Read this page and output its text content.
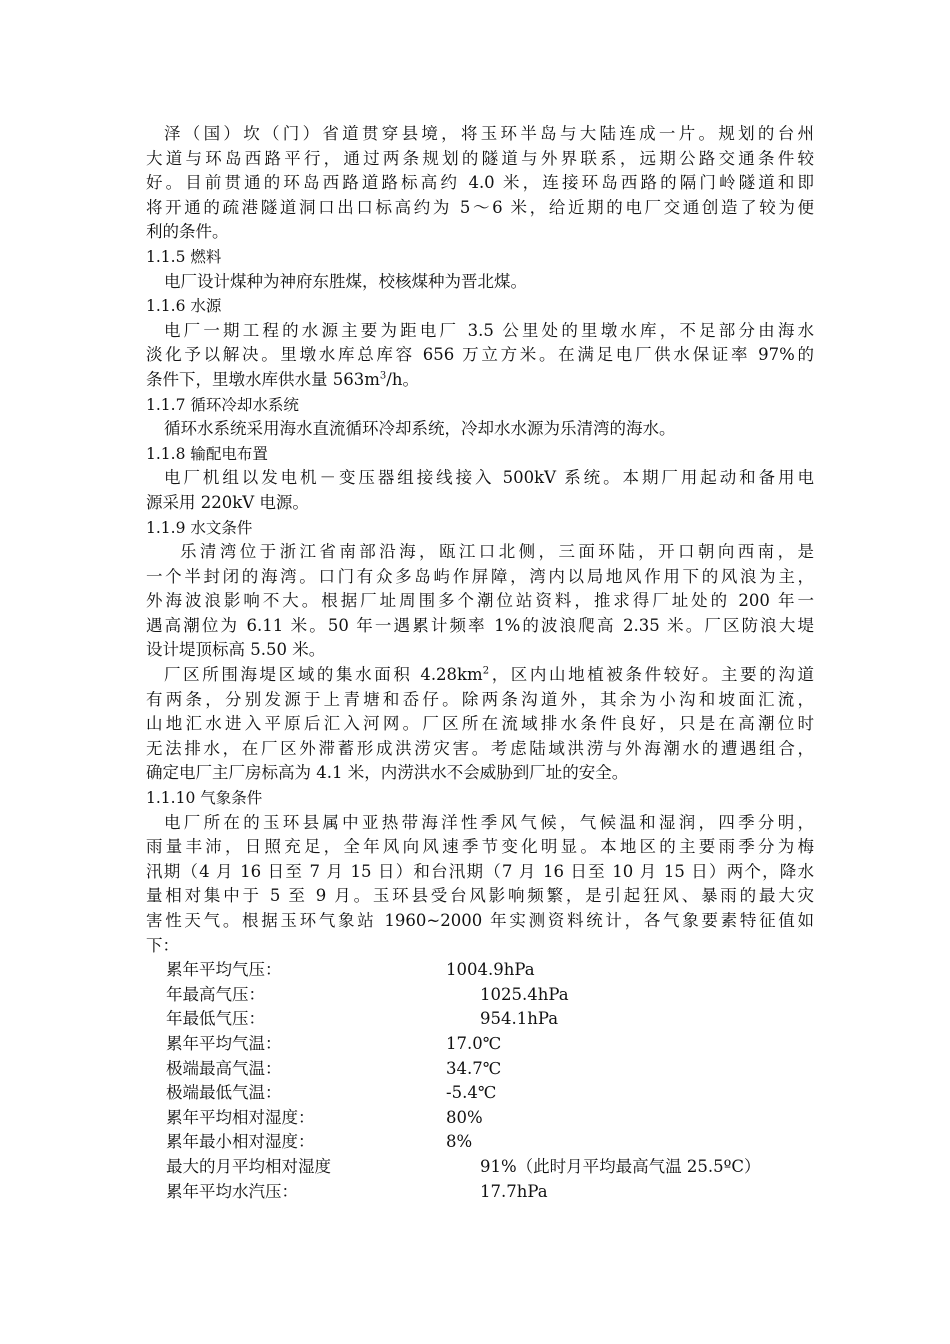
泽（国）坎（门）省道贯穿县境，将玉环半岛与大陆连成一片。规划的台州
大道与环岛西路平行，通过两条规划的隧道与外界联系，远期公路交通条件较
好。目前贯通的环岛西路道路标高约 4.0 米，连接环岛西路的隔门岭隧道和即
将开通的疏港隧道洞口出口标高约为 5～6 米，给近期的电厂交通创造了较为便
利的条件。
1.1.5 燃料
电厂设计煤种为神府东胜煤，校核煤种为晋北煤。
1.1.6 水源
电厂一期工程的水源主要为距电厂 3.5 公里处的里墩水库，不足部分由海水
淡化予以解决。里墩水库总库容 656 万立方米。在满足电厂供水保证率 97%的
条件下，里墩水库供水量 $563m^3/h$。
1.1.7 循环冷却水系统
循环水系统采用海水直流循环冷却系统，冷却水水源为乐清湾的海水。
1.1.8 输配电布置
电厂机组以发电机－变压器组接线接入 500kV 系统。本期厂用起动和备用电
源采用 220kV 电源。
1.1.9 水文条件
乐清湾位于浙江省南部沿海，瓯江口北侧，三面环陆，开口朝向西南，是
一个半封闭的海湾。口门有众多岛屿作屏障，湾内以局地风作用下的风浪为主，
外海波浪影响不大。根据厂址周围多个潮位站资料，推求得厂址处的 200 年一
遇高潮位为 6.11 米。50 年一遇累计频率 1%的波浪爬高 2.35 米。厂区防浪大堤
设计堤顶标高 5.50 米。
厂区所围海堤区域的集水面积 $4.28km^2$，区内山地植被条件较好。主要的沟道
有两条，分别发源于上青塘和岙仔。除两条沟道外，其余为小沟和坡面汇流，
山地汇水进入平原后汇入河网。厂区所在流域排水条件良好，只是在高潮位时
无法排水，在厂区外滞蓄形成洪涝灾害。考虑陆域洪涝与外海潮水的遭遇组合，
确定电厂主厂房标高为 4.1 米，内涝洪水不会威胁到厂址的安全。
1.1.10 气象条件
电厂所在的玉环县属中亚热带海洋性季风气候，气候温和湿润，四季分明，
雨量丰沛，日照充足，全年风向风速季节变化明显。本地区的主要雨季分为梅
汛期（4 月 16 日至 7 月 15 日）和台汛期（7 月 16 日至 10 月 15 日）两个，降水
量相对集中于 5 至 9 月。玉环县受台风影响频繁，是引起狂风、暴雨的最大灾
害性天气。根据玉环气象站 1960~2000 年实测资料统计，各气象要素特征值如
下：
累年平均气压：	1004.9hPa
年最高气压：	1025.4hPa
年最低气压：	954.1hPa
累年平均气温：	17.0℃
极端最高气温：	34.7℃
极端最低气温：	-5.4℃
累年平均相对湿度：	80%
累年最小相对湿度：	8%
最大的月平均相对湿度	91%（此时月平均最高气温 25.5ºC）
累年平均水汽压：	17.7hPa
